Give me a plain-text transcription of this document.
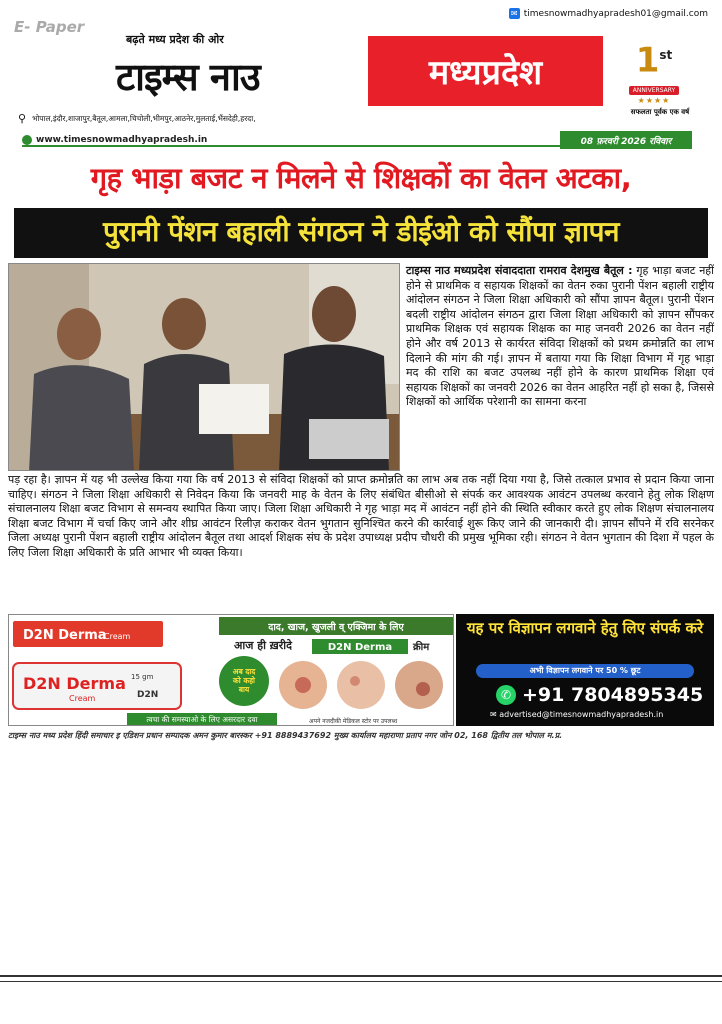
E- Paper
✉ timesnowmadhyapradesh01@gmail.com
बढ़ते मध्य प्रदेश की ओर
टाइम्स नाउ	मध्यप्रदेश	1st
ANNIVERSARY
★★★★
सफलता पूर्वक एक वर्ष
⚲ भोपाल,इंदौर,शाजापुर,बैतूल,आमला,चिचोली,भीमपुर,आठनेर,मुलताई,भैंसदेही,हरदा,
www.timesnowmadhyapradesh.in	08 फ़रवरी 2026 रविवार
गृह भाड़ा बजट न मिलने से शिक्षकों का वेतन अटका,
पुरानी पेंशन बहाली संगठन ने डीईओ को सौंपा ज्ञापन
टाइम्स नाउ मध्यप्रदेश संवाददाता रामराव देशमुख बैतूल : गृह भाड़ा बजट नहीं होने से प्राथमिक व सहायक शिक्षकों का वेतन रुका पुरानी पेंशन बहाली राष्ट्रीय आंदोलन संगठन ने जिला शिक्षा अधिकारी को सौंपा ज्ञापन बैतूल। पुरानी पेंशन बदली राष्ट्रीय आंदोलन संगठन द्वारा जिला शिक्षा अधिकारी को ज्ञापन सौंपकर प्राथमिक शिक्षक एवं सहायक शिक्षक का माह जनवरी 2026 का वेतन नहीं होने और वर्ष 2013 से कार्यरत संविदा शिक्षकों को प्रथम क्रमोन्नति का लाभ दिलाने की मांग की गई। ज्ञापन में बताया गया कि शिक्षा विभाग में गृह भाड़ा मद की राशि का बजट उपलब्ध नहीं होने के कारण प्राथमिक शिक्षा एवं सहायक शिक्षकों का जनवरी 2026 का वेतन आहरित नहीं हो सका है, जिससे शिक्षकों को आर्थिक परेशानी का सामना करना
पड़ रहा है। ज्ञापन में यह भी उल्लेख किया गया कि वर्ष 2013 से संविदा शिक्षकों को प्राप्त क्रमोन्नति का लाभ अब तक नहीं दिया गया है, जिसे तत्काल प्रभाव से प्रदान किया जाना चाहिए। संगठन ने जिला शिक्षा अधिकारी से निवेदन किया कि जनवरी माह के वेतन के लिए संबंधित बीसीओ से संपर्क कर आवश्यक आवंटन उपलब्ध करवाने हेतु लोक शिक्षण संचालनालय शिक्षा बजट विभाग से समन्वय स्थापित किया जाए। जिला शिक्षा अधिकारी ने गृह भाड़ा मद में आवंटन नहीं होने की स्थिति स्वीकार करते हुए लोक शिक्षण संचालनालय शिक्षा बजट विभाग में चर्चा किए जाने और शीघ्र आवंटन रिलीज़ कराकर वेतन भुगतान सुनिश्चित करने की कार्रवाई शुरू किए जाने की जानकारी दी। ज्ञापन सौंपने में रवि सरनेकर जिला अध्यक्ष पुरानी पेंशन बहाली राष्ट्रीय आंदोलन बैतूल तथा आदर्श शिक्षक संघ के प्रदेश उपाध्यक्ष प्रदीप चौधरी की प्रमुख भूमिका रही। संगठन ने वेतन भुगतान की दिशा में पहल के लिए जिला शिक्षा अधिकारी के प्रति आभार भी व्यक्त किया।
D2N Derma
Cream
D2N Derma
Cream
15 gm
D2N
दाद, खाज, खुजली व् एक्जिमा के लिए
आज ही ख़रीदे	D2N Derma क्रीम
अब दाद को कहो बाय
त्वचा की समस्याओ के लिए असरदार दवा	अपने नजदीकी मेडिकल स्टोर पर उपलब्ध
यह पर विज्ञापन लगवाने हेतु लिए संपर्क करे
अभी विज्ञापन लगवाने पर 50 % छूट
✆ +91 7804895345
✉ advertised@timesnowmadhyapradesh.in
टाइम्स नाउ मध्य प्रदेश हिंदी समाचार इ एडिशन प्रधान सम्पादक अमन कुमार बारस्कर +91 8889437692 मुख्य कार्यालय महाराणा प्रताप नगर जोन 02, 168 द्वितीय तल भोपाल म.प्र.
